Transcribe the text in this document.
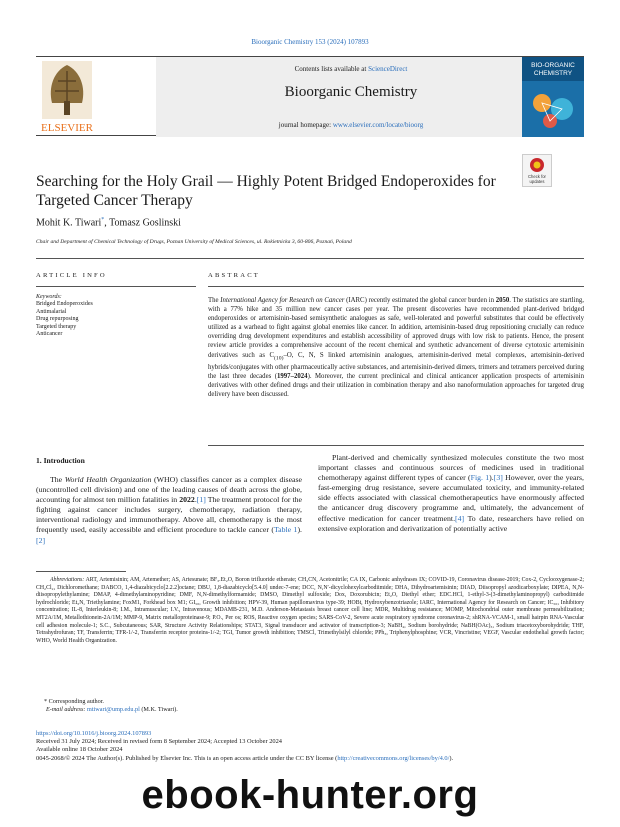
Bioorganic Chemistry 153 (2024) 107893
ELSEVIER
Contents lists available at ScienceDirect
Bioorganic Chemistry
journal homepage: www.elsevier.com/locate/bioorg
BIO-ORGANIC
CHEMISTRY
Check for
updates
Searching for the Holy Grail — Highly Potent Bridged Endoperoxides for Targeted Cancer Therapy
Mohit K. Tiwari*, Tomasz Goslinski
Chair and Department of Chemical Technology of Drugs, Poznan University of Medical Sciences, ul. Rokietnicka 3, 60-806, Poznań, Poland
ARTICLE INFO	ABSTRACT
Keywords:
Bridged Endoperoxides
Antimalarial
Drug repurposing
Targeted therapy
Anticancer
The International Agency for Research on Cancer (IARC) recently estimated the global cancer burden in 2050. The statistics are startling, with a 77% hike and 35 million new cancer cases per year. The present discoveries have recommended plant-derived bridged endoperoxides or artemisinin-based semisynthetic analogues as safe, well-tolerated and powerful substitutes that could be effectively utilized as a warhead to fight against global enemies like cancer. In addition, artemisinin-based drug repositioning crucially can reduce overriding drug development expenditures and establish accessibility of approved drugs with low risk to patients. Hence, the present review article provides a comprehensive account of the recent chemical and synthetic advancement of diverse cytotoxic artemisinin derivatives such as $C_{(10)}-O$, C, N, S linked artemisinin analogues, artemisinin-derived metal complexes, artemisinin-derived hybrids/conjugates with other pharmaceutically active substances, and artemisinin-derived dimers, trimers and tetramers perceived during the last three decades (1997–2024). Moreover, the current preclinical and clinical anticancer application prospects of artemisinin derivatives with other defined drugs and their utilization in combination therapy and also nanoformulation approaches for targeted drug delivery have been discussed.
1. Introduction
The World Health Organization (WHO) classifies cancer as a complex disease (uncontrolled cell division) and one of the leading causes of death across the globe, accounting for almost ten million fatalities in 2022.[1] The treatment protocol for the fighting against cancer includes surgery, chemotherapy, radiation therapy, interventional radiology and immunotherapy. Above all, chemotherapy is the most frequently used, easily accessible and efficient procedure to tackle cancer (Table 1).[2]
Plant-derived and chemically synthesized molecules constitute the two most important classes and continuous sources of medicines used in traditional chemotherapy against different types of cancer (Fig. 1).[3] However, over the years, fast-emerging drug resistance, severe accumulated toxicity, and immunity-related side effects associated with classical chemotherapeutics have enormously affected the anticancer drug discovery programme and, ultimately, the advancement of effective medication for cancer treatment.[4] To date, researchers have relied on extensive exploration and derivatization of potentially active
Abbreviations: ART, Artemisinin; AM, Artemether; AS, Artesunate; BF₃.Et₂O, Boron trifluoride etherate; CH₃CN, Acetonitrile; CA IX, Carbonic anhydrases IX; COVID-19, Coronavirus disease-2019; Cox-2, Cyclooxygenase-2; CH₂Cl₂, Dichloromethane; DABCO, 1,4-diazabicyclo[2.2.2]octane; DBU, 1,8-diazabicyclo[5.4.0] undec-7-ene; DCC, N,N′-dicyclohexylcarbodiimide; DHA, Dihydroartemisinin; DIAD, Diisopropyl azodicarboxylate; DIPEA, N,N-diisopropylethylamine; DMAP, 4-dimethylaminopyridine; DMF, N,N-dimethylformamide; DMSO, Dimethyl sulfoxide; Dox, Doxorubicin; Et₂O, Diethyl ether; EDC.HCl, 1-ethyl-3-(3-dimethylaminopropyl) carbodiimide hydrochloride; Et₃N, Triethylamine; FoxM1, Forkhead box M1; GI₅₀, Growth inhibition; HPV-39, Human papillomavirus type-39; HOBt, Hydroxybenzotriazole; IARC, International Agency for Research on Cancer; IC₅₀, Inhibitory concentration; IL-8, Interleukin-8; I.M., Intramuscular; I.V., Intravenous; MDAMB-231, M.D. Anderson-Metastasis breast cancer cell line; MDR, Multidrug resistance; MOMP, Mitochondrial outer membrane permeabilization; MT2A/1M, Metallothionein-2A/1M; MMP-9, Matrix metalloproteinase-9; P.O., Per os; ROS, Reactive oxygen species; SARS-CoV-2, Severe acute respiratory syndrome coronavirus-2; shRNA-VCAM-1, small hairpin RNA-Vascular cell adhesion molecule-1; S.C., Subcutaneous; SAR, Structure Activity Relationships; STAT3, Signal transducer and activator of transcription-3; NaBH₄, Sodium borohydride; NaBH(OAc)₃, Sodium triacetoxyborohydride; THF, Tetrahydrofuran; TF, Transferrin; TFR-1/-2, Transferrin receptor proteins-1/-2; TGI, Tumor growth inhibition; TMSCl, Trimethylsilyl chloride; PPh₃, Triphenylphosphine; VCR, Vincristine; VEGF, Vascular endothelial growth factor; WHO, World Health Organization.
* Corresponding author.
E-mail address: mtiwari@ump.edu.pl (M.K. Tiwari).
https://doi.org/10.1016/j.bioorg.2024.107893
Received 31 July 2024; Received in revised form 8 September 2024; Accepted 13 October 2024
Available online 18 October 2024
0045-2068/© 2024 The Author(s). Published by Elsevier Inc. This is an open access article under the CC BY license (http://creativecommons.org/licenses/by/4.0/).
ebook-hunter.org
